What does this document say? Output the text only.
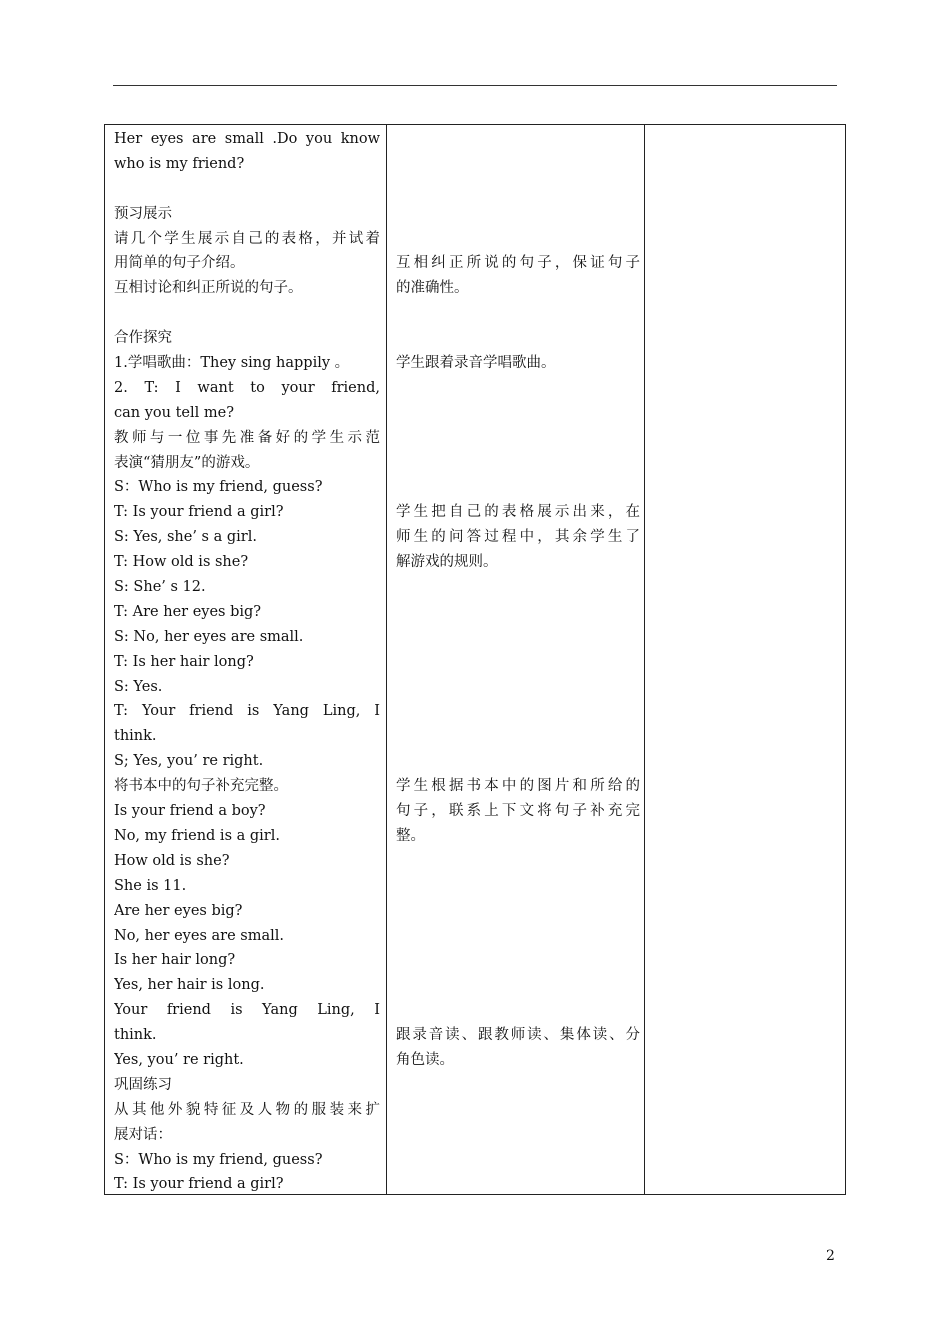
Her eyes are small .Do you know
who is my friend?
预习展示
请几个学生展示自己的表格，并试着
用简单的句子介绍。
互相讨论和纠正所说的句子。
合作探究
1.学唱歌曲：They sing happily 。
2. T: I want to your friend,
can you tell me?
教师与一位事先准备好的学生示范
表演“猜朋友”的游戏。
S：Who is my friend, guess?
T: Is your friend a girl?
S: Yes, she’ s a girl.
T: How old is she?
S: She’ s 12.
T: Are her eyes big?
S: No, her eyes are small.
T: Is her hair long?
S: Yes.
T: Your friend is Yang Ling, I
think.
S; Yes, you’ re right.
将书本中的句子补充完整。
Is your friend a boy?
No, my friend is a girl.
How old is she?
She is 11.
Are her eyes big?
No, her eyes are small.
Is her hair long?
Yes, her hair is long.
Your friend is Yang Ling, I
think.
Yes, you’ re right.
巩固练习
从其他外貌特征及人物的服装来扩
展对话：
S：Who is my friend, guess?
T: Is your friend a girl?
互相纠正所说的句子，保证句子
的准确性。
学生跟着录音学唱歌曲。
学生把自己的表格展示出来，在
师生的问答过程中，其余学生了
解游戏的规则。
学生根据书本中的图片和所给的
句子，联系上下文将句子补充完
整。
跟录音读、跟教师读、集体读、分
角色读。
2
